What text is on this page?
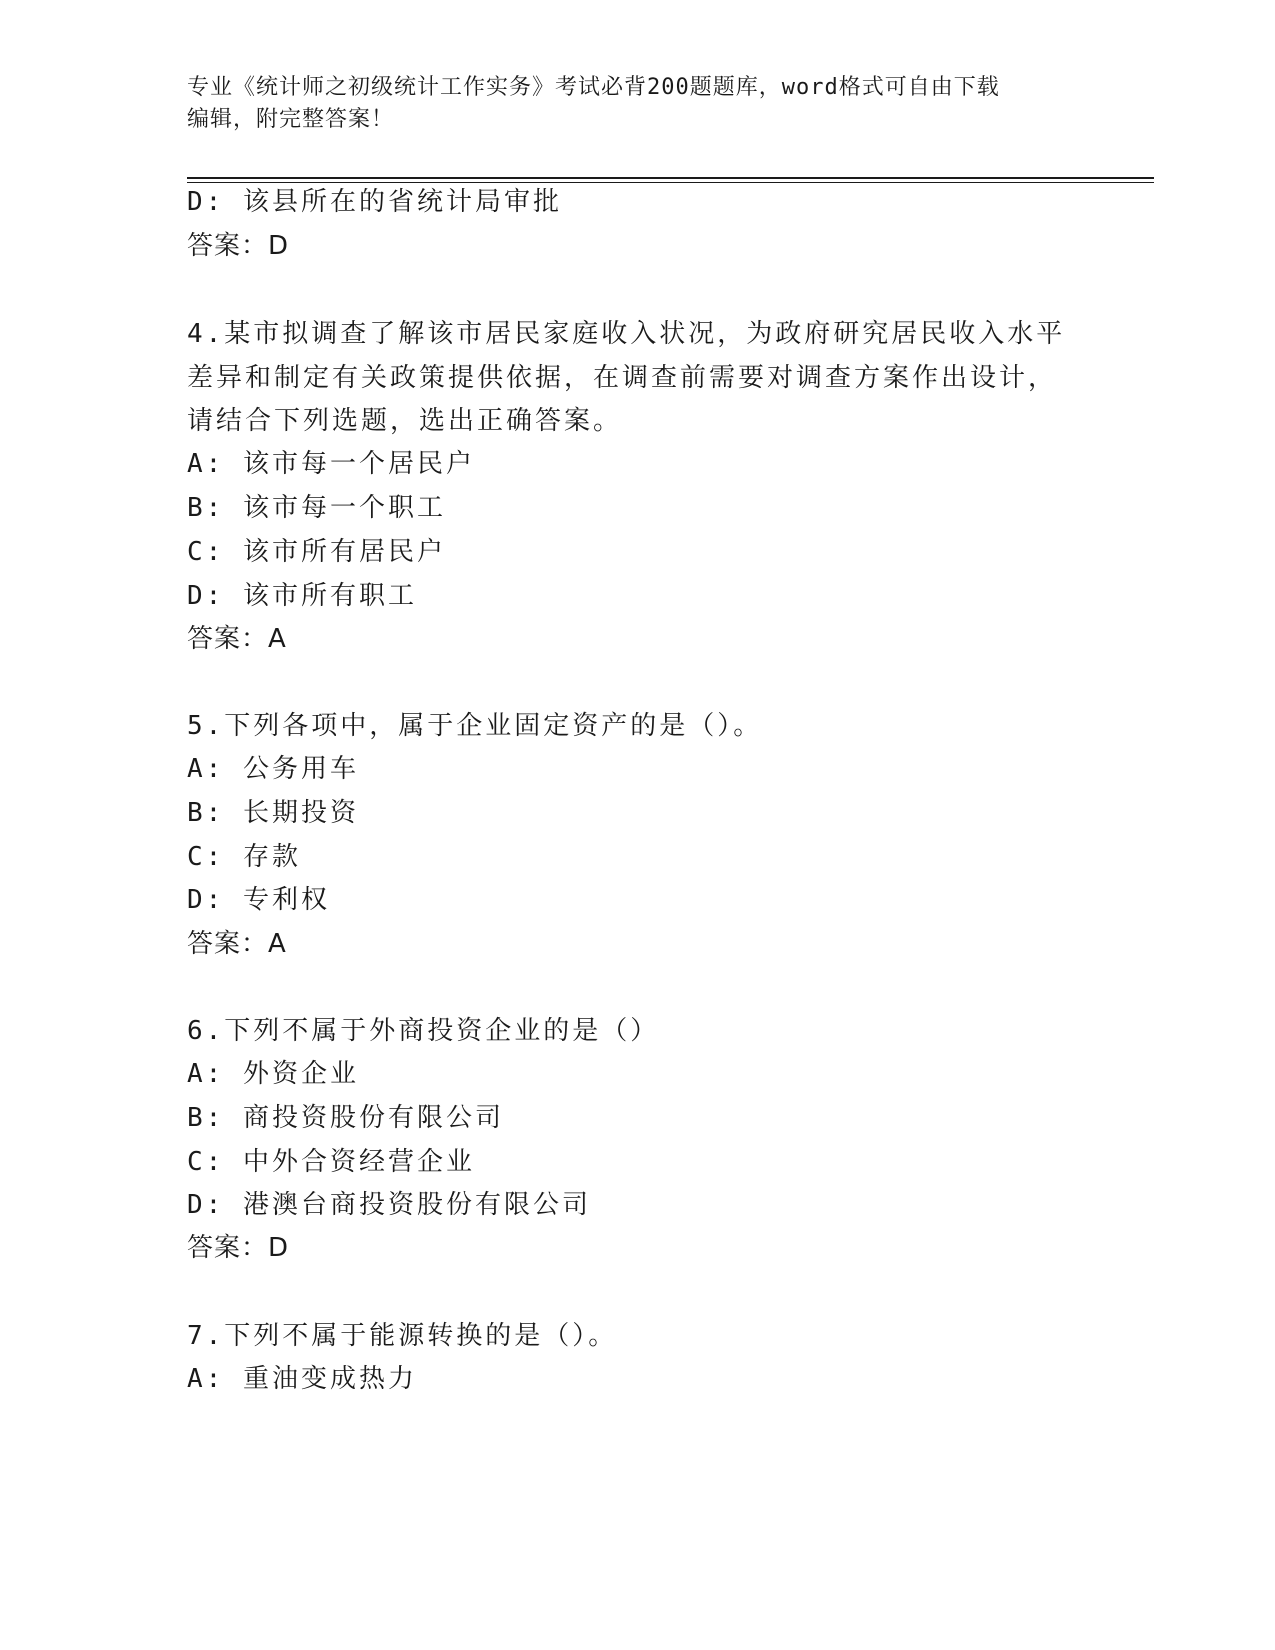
专业《统计师之初级统计工作实务》考试必背200题题库，word格式可自由下载
编辑，附完整答案！
D: 该县所在的省统计局审批
答案：D
4.某市拟调查了解该市居民家庭收入状况，为政府研究居民收入水平
差异和制定有关政策提供依据，在调查前需要对调查方案作出设计，
请结合下列选题，选出正确答案。
A: 该市每一个居民户
B: 该市每一个职工
C: 该市所有居民户
D: 该市所有职工
答案：A
5.下列各项中，属于企业固定资产的是（）。
A: 公务用车
B: 长期投资
C: 存款
D: 专利权
答案：A
6.下列不属于外商投资企业的是（）
A: 外资企业
B: 商投资股份有限公司
C: 中外合资经营企业
D: 港澳台商投资股份有限公司
答案：D
7.下列不属于能源转换的是（）。
A: 重油变成热力
